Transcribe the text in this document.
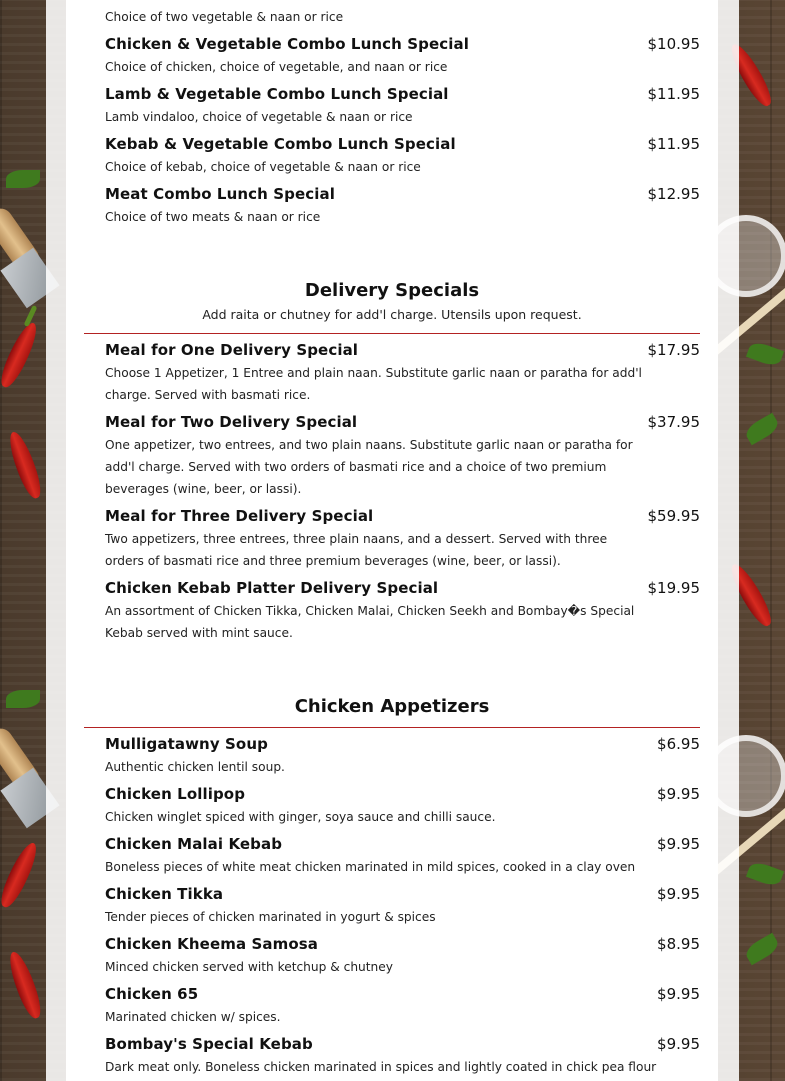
Choice of two vegetable & naan or rice
Chicken & Vegetable Combo Lunch Special	$10.95
Choice of chicken, choice of vegetable, and naan or rice
Lamb & Vegetable Combo Lunch Special	$11.95
Lamb vindaloo, choice of vegetable & naan or rice
Kebab & Vegetable Combo Lunch Special	$11.95
Choice of kebab, choice of vegetable & naan or rice
Meat Combo Lunch Special	$12.95
Choice of two meats & naan or rice
Delivery Specials
Add raita or chutney for add'l charge. Utensils upon request.
Meal for One Delivery Special	$17.95
Choose 1 Appetizer, 1 Entree and plain naan. Substitute garlic naan or paratha for add'l charge. Served with basmati rice.
Meal for Two Delivery Special	$37.95
One appetizer, two entrees, and two plain naans. Substitute garlic naan or paratha for add'l charge. Served with two orders of basmati rice and a choice of two premium beverages (wine, beer, or lassi).
Meal for Three Delivery Special	$59.95
Two appetizers, three entrees, three plain naans, and a dessert. Served with three orders of basmati rice and three premium beverages (wine, beer, or lassi).
Chicken Kebab Platter Delivery Special	$19.95
An assortment of Chicken Tikka, Chicken Malai, Chicken Seekh and Bombay�s Special Kebab served with mint sauce.
Chicken Appetizers
Mulligatawny Soup	$6.95
Authentic chicken lentil soup.
Chicken Lollipop	$9.95
Chicken winglet spiced with ginger, soya sauce and chilli sauce.
Chicken Malai Kebab	$9.95
Boneless pieces of white meat chicken marinated in mild spices, cooked in a clay oven
Chicken Tikka	$9.95
Tender pieces of chicken marinated in yogurt & spices
Chicken Kheema Samosa	$8.95
Minced chicken served with ketchup & chutney
Chicken 65	$9.95
Marinated chicken w/ spices.
Bombay's Special Kebab	$9.95
Dark meat only. Boneless chicken marinated in spices and lightly coated in chick pea flour
